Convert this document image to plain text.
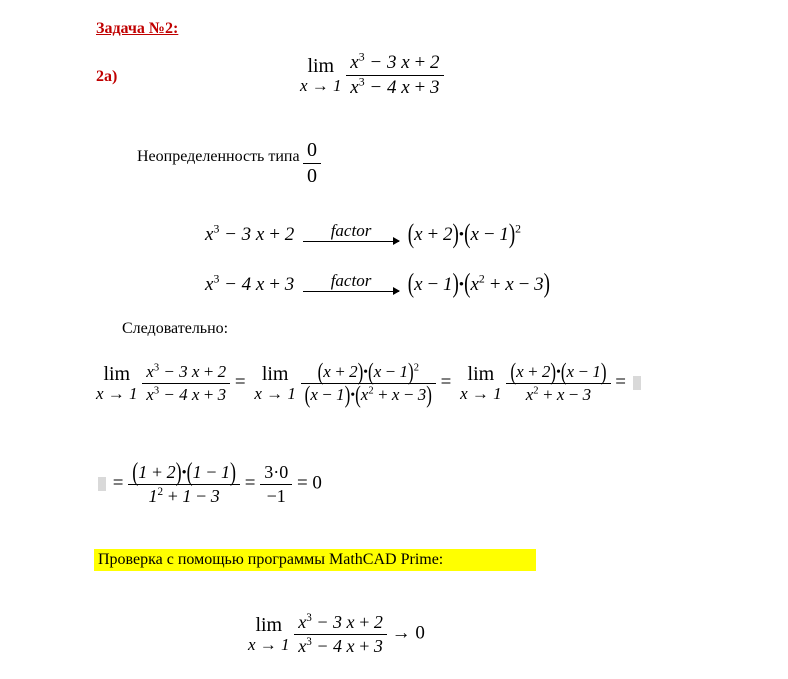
Задача №2:
2а)	lim
x → 1
$\frac{x^3 - 3 x + 2}{x^3 - 4 x + 3}$
Неопределенность типа $\frac{0}{0}$
$x^3 - 3$ x + 2	factor	(x + 2)•(x − 1)$^2$
$x^3 - 4$ x + 3	factor	$(x - 1)•(x^2 + x - 3)$
Следовательно:
lim
x → 1
$\frac{x^3 - 3 x + 2}{x^3 - 4 x + 3} = \lim$
x → 1
$\frac{(x + 2)•(x - 1)^2}{(x - 1)•(x^2 + x - 3)} = \lim$
x → 1
$\frac{(x + 2)•(x - 1)}{x^2 + x - 3}$ =
= $\frac{(1 + 2)•(1 - 1)}{1^2 + 1 - 3} = \frac{3\cdot 0}{-1} = 0$
Проверка с помощью программы MathCAD Prime:
lim
x → 1
$\frac{x^3 - 3 x + 2}{x^3 - 4 x + 3} \to 0$
